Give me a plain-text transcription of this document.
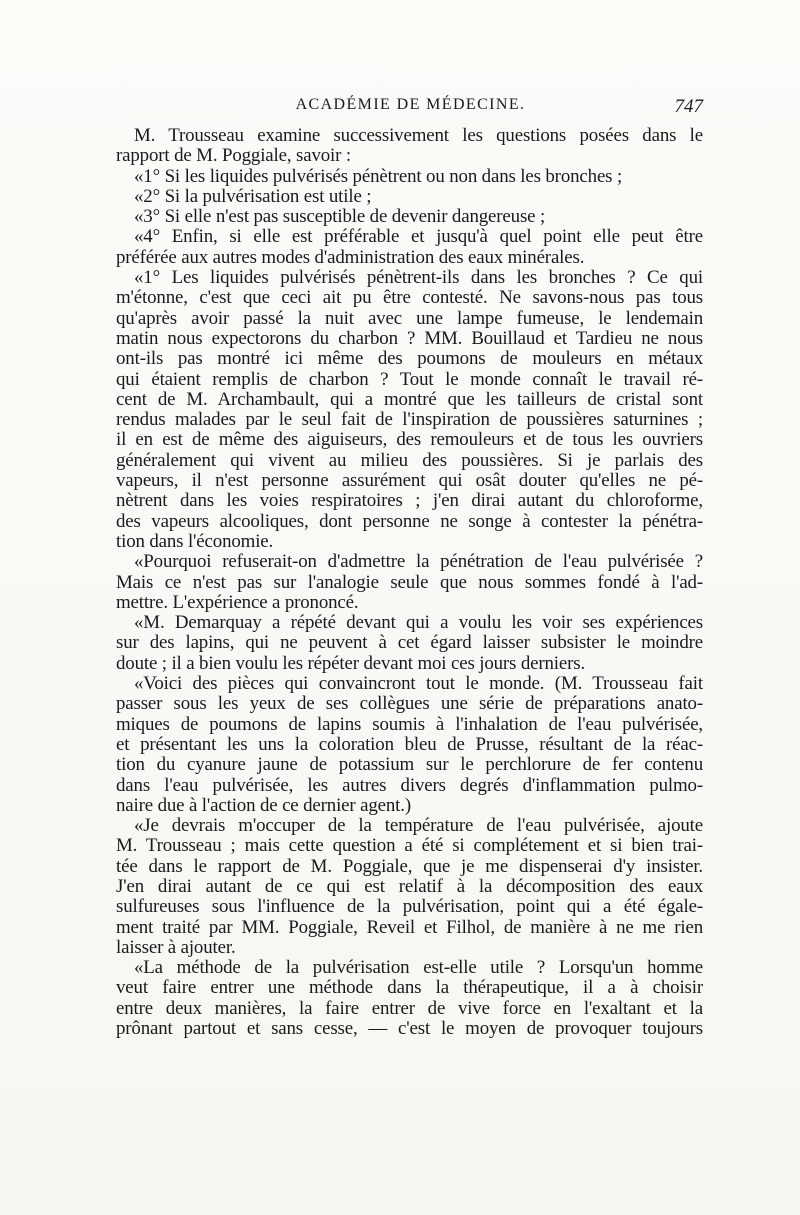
ACADÉMIE DE MÉDECINE.	747
M. Trousseau examine successivement les questions posées dans le
rapport de M. Poggiale, savoir :
«1° Si les liquides pulvérisés pénètrent ou non dans les bronches ;
«2° Si la pulvérisation est utile ;
«3° Si elle n'est pas susceptible de devenir dangereuse ;
«4° Enfin, si elle est préférable et jusqu'à quel point elle peut être
préférée aux autres modes d'administration des eaux minérales.
«1° Les liquides pulvérisés pénètrent-ils dans les bronches ? Ce qui
m'étonne, c'est que ceci ait pu être contesté. Ne savons-nous pas tous
qu'après avoir passé la nuit avec une lampe fumeuse, le lendemain
matin nous expectorons du charbon ? MM. Bouillaud et Tardieu ne nous
ont-ils pas montré ici même des poumons de mouleurs en métaux
qui étaient remplis de charbon ? Tout le monde connaît le travail ré-
cent de M. Archambault, qui a montré que les tailleurs de cristal sont
rendus malades par le seul fait de l'inspiration de poussières saturnines ;
il en est de même des aiguiseurs, des remouleurs et de tous les ouvriers
généralement qui vivent au milieu des poussières. Si je parlais des
vapeurs, il n'est personne assurément qui osât douter qu'elles ne pé-
nètrent dans les voies respiratoires ; j'en dirai autant du chloroforme,
des vapeurs alcooliques, dont personne ne songe à contester la pénétra-
tion dans l'économie.
«Pourquoi refuserait-on d'admettre la pénétration de l'eau pulvérisée ?
Mais ce n'est pas sur l'analogie seule que nous sommes fondé à l'ad-
mettre. L'expérience a prononcé.
«M. Demarquay a répété devant qui a voulu les voir ses expériences
sur des lapins, qui ne peuvent à cet égard laisser subsister le moindre
doute ; il a bien voulu les répéter devant moi ces jours derniers.
«Voici des pièces qui convaincront tout le monde. (M. Trousseau fait
passer sous les yeux de ses collègues une série de préparations anato-
miques de poumons de lapins soumis à l'inhalation de l'eau pulvérisée,
et présentant les uns la coloration bleu de Prusse, résultant de la réac-
tion du cyanure jaune de potassium sur le perchlorure de fer contenu
dans l'eau pulvérisée, les autres divers degrés d'inflammation pulmo-
naire due à l'action de ce dernier agent.)
«Je devrais m'occuper de la température de l'eau pulvérisée, ajoute
M. Trousseau ; mais cette question a été si complétement et si bien trai-
tée dans le rapport de M. Poggiale, que je me dispenserai d'y insister.
J'en dirai autant de ce qui est relatif à la décomposition des eaux
sulfureuses sous l'influence de la pulvérisation, point qui a été égale-
ment traité par MM. Poggiale, Reveil et Filhol, de manière à ne me rien
laisser à ajouter.
«La méthode de la pulvérisation est-elle utile ? Lorsqu'un homme
veut faire entrer une méthode dans la thérapeutique, il a à choisir
entre deux manières, la faire entrer de vive force en l'exaltant et la
prônant partout et sans cesse, — c'est le moyen de provoquer toujours
